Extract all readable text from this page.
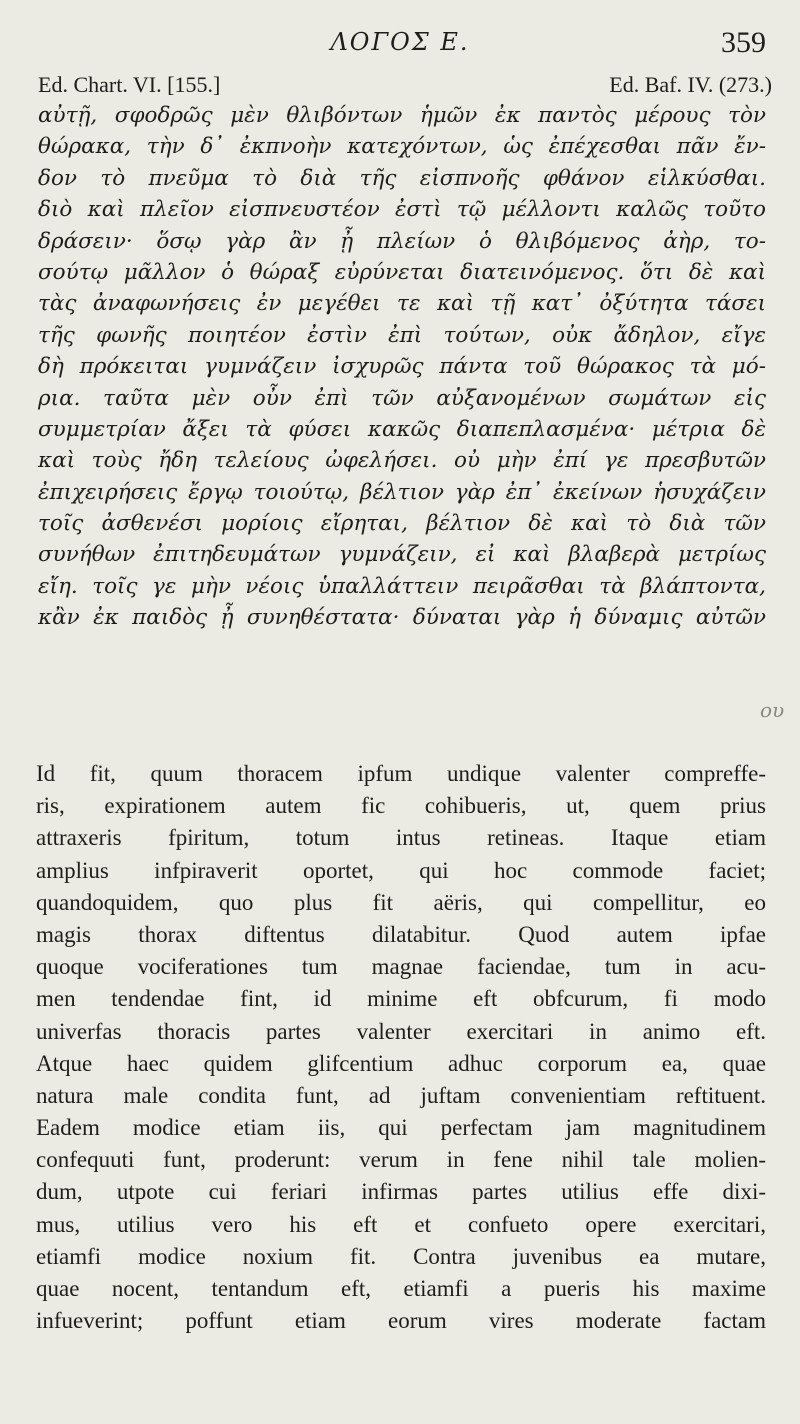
ΛΟΓΟΣ Ε.	359
Ed. Chart. VI. [155.]	Ed. Baf. IV. (273.)
αὐτῇ, σφοδρῶς μὲν θλιβόντων ἡμῶν ἐκ παντὸς μέρους τὸν
θώρακα, τὴν δ᾽ ἐκπνοὴν κατεχόντων, ὡς ἐπέχεσθαι πᾶν ἔν-
δον τὸ πνεῦμα τὸ διὰ τῆς εἰσπνοῆς φθάνον εἱλκύσθαι.
διὸ καὶ πλεῖον εἰσπνευστέον ἐστὶ τῷ μέλλοντι καλῶς τοῦτο
δράσειν· ὅσῳ γὰρ ἂν ᾖ πλείων ὁ θλιβόμενος ἀὴρ, το-
σούτῳ μᾶλλον ὁ θώραξ εὐρύνεται διατεινόμενος. ὅτι δὲ καὶ
τὰς ἀναφωνήσεις ἐν μεγέθει τε καὶ τῇ κατ᾽ ὀξύτητα τάσει
τῆς φωνῆς ποιητέον ἐστὶν ἐπὶ τούτων, οὐκ ἄδηλον, εἴγε
δὴ πρόκειται γυμνάζειν ἰσχυρῶς πάντα τοῦ θώρακος τὰ μό-
ρια. ταῦτα μὲν οὖν ἐπὶ τῶν αὐξανομένων σωμάτων εἰς
συμμετρίαν ἄξει τὰ φύσει κακῶς διαπεπλασμένα· μέτρια δὲ
καὶ τοὺς ἤδη τελείους ὠφελήσει. οὐ μὴν ἐπί γε πρεσβυτῶν
ἐπιχειρήσεις ἔργῳ τοιούτῳ, βέλτιον γὰρ ἐπ᾽ ἐκείνων ἡσυχάζειν
τοῖς ἀσθενέσι μορίοις εἴρηται, βέλτιον δὲ καὶ τὸ διὰ τῶν
συνήθων ἐπιτηδευμάτων γυμνάζειν, εἰ καὶ βλαβερὰ μετρίως
εἴη. τοῖς γε μὴν νέοις ὑπαλλάττειν πειρᾶσθαι τὰ βλάπτοντα,
κἂν ἐκ παιδὸς ᾖ συνηθέστατα· δύναται γὰρ ἡ δύναμις αὐτῶν
ου
Id fit, quum thoracem ipfum undique valenter compreffe-
ris, expirationem autem fic cohibueris, ut, quem prius
attraxeris fpiritum, totum intus retineas. Itaque etiam
amplius infpiraverit oportet, qui hoc commode faciet;
quandoquidem, quo plus fit aëris, qui compellitur, eo
magis thorax diftentus dilatabitur. Quod autem ipfae
quoque vociferationes tum magnae faciendae, tum in acu-
men tendendae fint, id minime eft obfcurum, fi modo
univerfas thoracis partes valenter exercitari in animo eft.
Atque haec quidem glifcentium adhuc corporum ea, quae
natura male condita funt, ad juftam convenientiam reftituent.
Eadem modice etiam iis, qui perfectam jam magnitudinem
confequuti funt, proderunt: verum in fene nihil tale molien-
dum, utpote cui feriari infirmas partes utilius effe dixi-
mus, utilius vero his eft et confueto opere exercitari,
etiamfi modice noxium fit. Contra juvenibus ea mutare,
quae nocent, tentandum eft, etiamfi a pueris his maxime
infueverint; poffunt etiam eorum vires moderate factam
